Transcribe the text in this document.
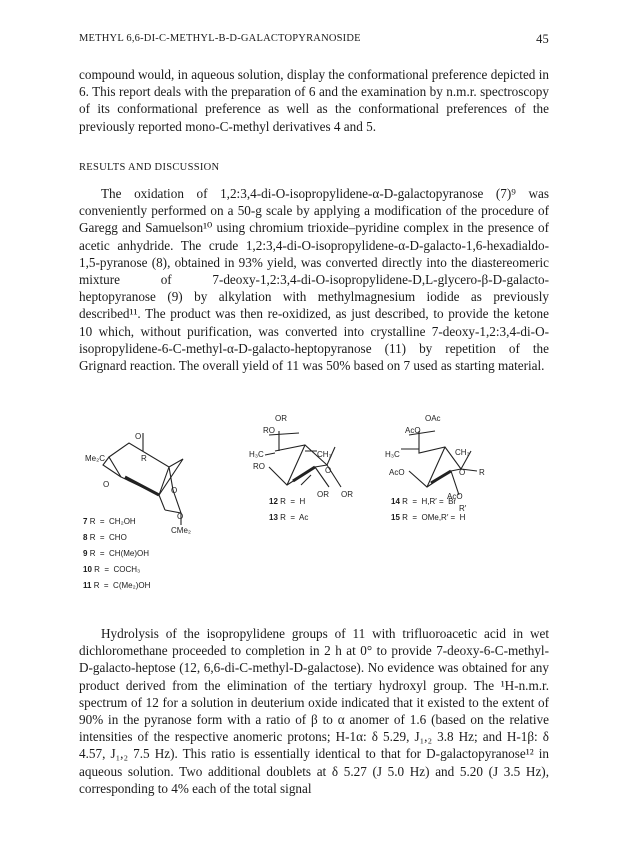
METHYL 6,6-DI-C-METHYL-Β-D-GALACTOPYRANOSIDE	45

compound would, in aqueous solution, display the conformational preference depicted in 6. This report deals with the preparation of 6 and the examination by n.m.r. spectroscopy of its conformational preference as well as the conformational preferences of the previously reported mono-C-methyl derivatives 4 and 5.

RESULTS AND DISCUSSION

The oxidation of 1,2:3,4-di-O-isopropylidene-α-D-galactopyranose (7)⁹ was conveniently performed on a 50-g scale by applying a modification of the procedure of Garegg and Samuelson¹⁰ using chromium trioxide–pyridine complex in the presence of acetic anhydride. The crude 1,2:3,4-di-O-isopropylidene-α-D-galacto-1,6-hexadialdo-1,5-pyranose (8), obtained in 93% yield, was converted directly into the diastereomeric mixture of 7-deoxy-1,2:3,4-di-O-isopropylidene-D,L-glycero-β-D-galacto-heptopyranose (9) by alkylation with methylmagnesium iodide as previously described¹¹. The product was then re-oxidized, as just described, to provide the ketone 10 which, without purification, was converted into crystalline 7-deoxy-1,2:3,4-di-O-isopropylidene-6-C-methyl-α-D-galacto-heptopyranose (11) by repetition of the Grignard reaction. The overall yield of 11 was 50% based on 7 used as starting material.

Me₂C
O
R
O
O
O
CMe₂
OR
RO
H₃C	CH₃
O
RO
OR OR
OAc
AcO
H₃C	CH₃
O
AcO	R
AcO
R′
7 R  =  CH₂OH
8 R  =  CHO
9 R  =  CH(Me)OH
10 R  =  COCH₃
11 R  =  C(Me₂)OH
12 R  =  H
13 R  =  Ac
14 R  =  H,R′ =  Br
15 R  =  OMe,R′ =  H

Hydrolysis of the isopropylidene groups of 11 with trifluoroacetic acid in wet dichloromethane proceeded to completion in 2 h at 0° to provide 7-deoxy-6-C-methyl-D-galacto-heptose (12, 6,6-di-C-methyl-D-galactose). No evidence was obtained for any product derived from the elimination of the tertiary hydroxyl group. The ¹H-n.m.r. spectrum of 12 for a solution in deuterium oxide indicated that it existed to the extent of 90% in the pyranose form with a ratio of β to α anomer of 1.6 (based on the relative intensities of the respective anomeric protons; H-1α: δ 5.29, J₁,₂ 3.8 Hz; and H-1β: δ 4.57, J₁,₂ 7.5 Hz). This ratio is essentially identical to that for D-galactopyranose¹² in aqueous solution. Two additional doublets at δ 5.27 (J 5.0 Hz) and 5.20 (J 3.5 Hz), corresponding to 4% each of the total signal
